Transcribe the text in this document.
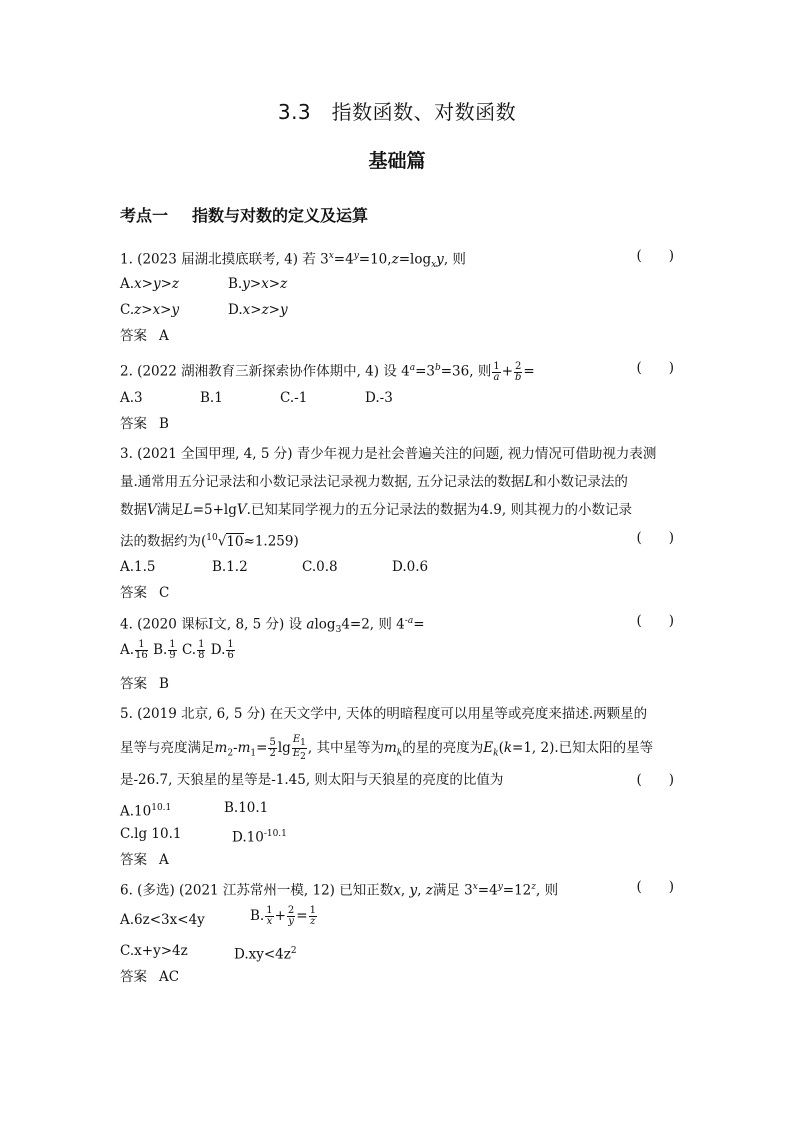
3.3　指数函数、对数函数
基础篇
考点一 指数与对数的定义及运算
1. (2023 届湖北摸底联考, 4) 若 $3^x=4^y=10,z=\log_xy$, 则	(　　)
A.x>y>z	B.y>x>z
C.z>x>y	D.x>z>y
答案 A
2. (2022 湖湘教育三新探索协作体期中, 4) 设 $4^a=3^b=36$, 则 $\frac{1}{a} + \frac{2}{b}$ =	(　　)
A.3	B.1	C.-1	D.-3
答案 B
3. (2021 全国甲理, 4, 5 分) 青少年视力是社会普遍关注的问题, 视力情况可借助视力表测
量.通常用五分记录法和小数记录法记录视力数据, 五分记录法的数据L和小数记录法的
数据V满足L=5+lgV.已知某同学视力的五分记录法的数据为4.9, 则其视力的小数记录
法的数据约为($^{10}$√10≈1.259)	(　　)
A.1.5	B.1.2	C.0.8	D.0.6
答案 C
4. (2020 课标Ⅰ文, 8, 5 分) 设 alog$_3$4=2, 则 $4^{-a}=$	(　　)
A. $\frac{1}{16} B$. $\frac{1}{9} C$. $\frac{1}{8} D$. $\frac{1}{6}$
答案 B
5. (2019 北京, 6, 5 分) 在天文学中, 天体的明暗程度可以用星等或亮度来描述.两颗星的
星等与亮度满足$m_2-m_1= \frac{5}{2}$ $\lg \frac{E_1}{E_2}$ , 其中星等为$m_k$的星的亮度为$E_k(k=1$, 2).已知太阳的星等
是-26.7, 天狼星的星等是-1.45, 则太阳与天狼星的亮度的比值为	(　　)
$A.10^{10.1}$	B.10.1
C.lg 10.1	$D.10^{-10.1}$
答案 A
6. (多选) (2021 江苏常州一模, 12) 已知正数x, y, z满足 $3^x=4^y=12^z$, 则	(　　)
A.6z<3x<4y	B. $\frac{1}{x} + \frac{2}{y} = \frac{1}{z}$
C.x+y>4z	$D.xy<4z^2$
答案 AC
